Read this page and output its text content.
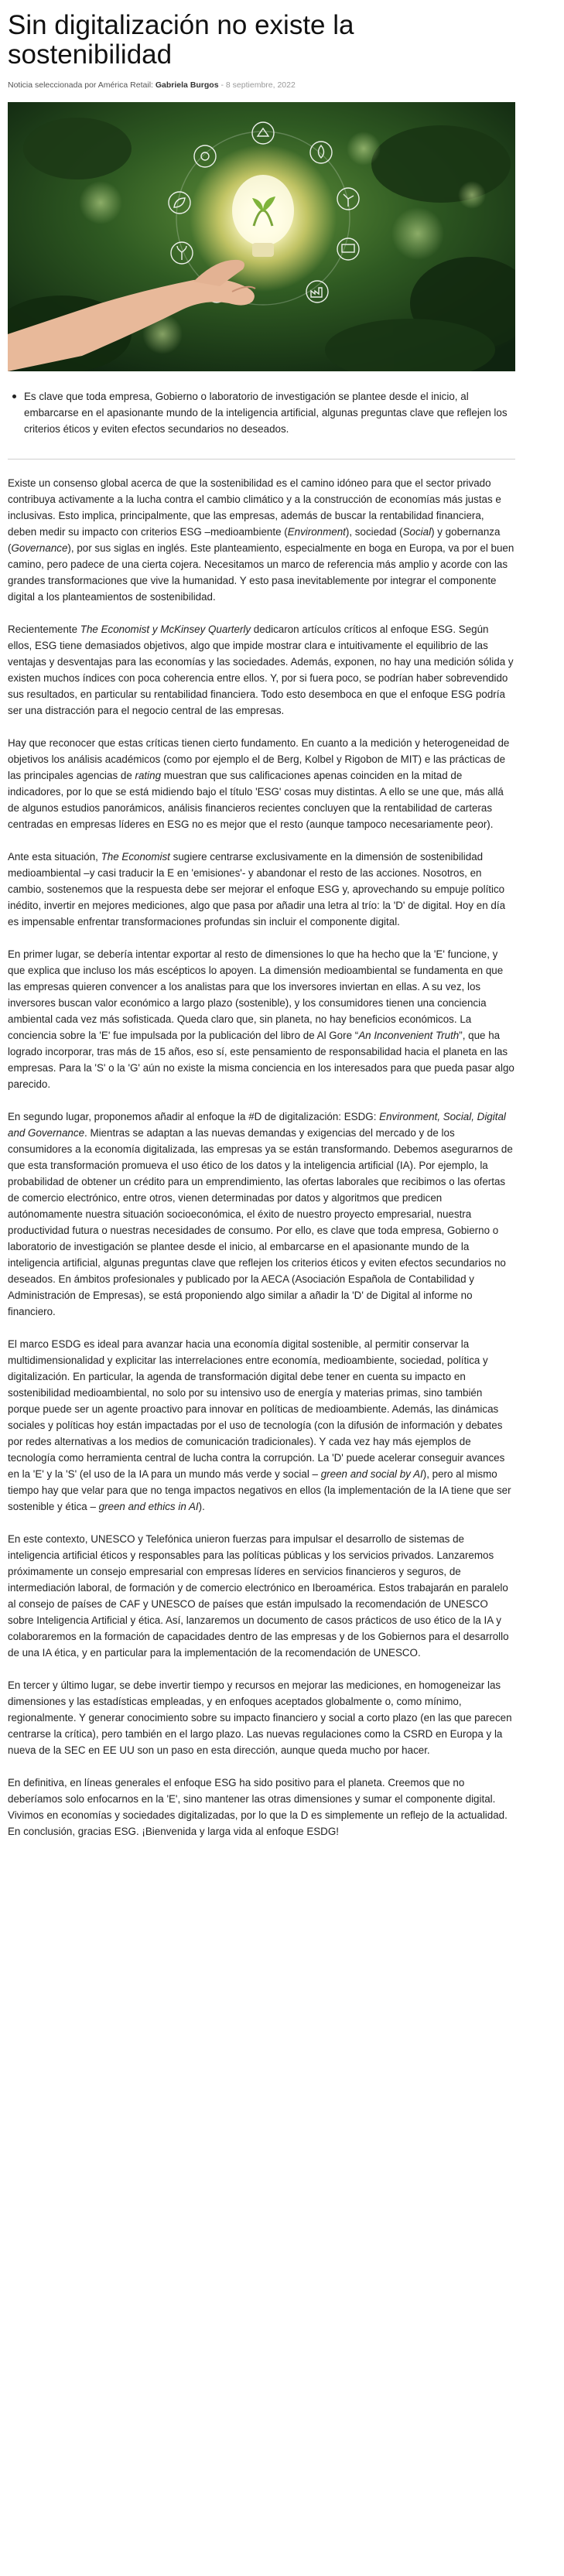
Sin digitalización no existe la sostenibilidad
Noticia seleccionada por América Retail: Gabriela Burgos - 8 septiembre, 2022
Es clave que toda empresa, Gobierno o laboratorio de investigación se plantee desde el inicio, al embarcarse en el apasionante mundo de la inteligencia artificial, algunas preguntas clave que reflejen los criterios éticos y eviten efectos secundarios no deseados.

Existe un consenso global acerca de que la sostenibilidad es el camino idóneo para que el sector privado contribuya activamente a la lucha contra el cambio climático y a la construcción de economías más justas e inclusivas. Esto implica, principalmente, que las empresas, además de buscar la rentabilidad financiera, deben medir su impacto con criterios ESG –medioambiente (Environment), sociedad (Social) y gobernanza (Governance), por sus siglas en inglés. Este planteamiento, especialmente en boga en Europa, va por el buen camino, pero padece de una cierta cojera. Necesitamos un marco de referencia más amplio y acorde con las grandes transformaciones que vive la humanidad. Y esto pasa inevitablemente por integrar el componente digital a los planteamientos de sostenibilidad.

Recientemente The Economist y McKinsey Quarterly dedicaron artículos críticos al enfoque ESG. Según ellos, ESG tiene demasiados objetivos, algo que impide mostrar clara e intuitivamente el equilibrio de las ventajas y desventajas para las economías y las sociedades. Además, exponen, no hay una medición sólida y existen muchos índices con poca coherencia entre ellos. Y, por si fuera poco, se podrían haber sobrevendido sus resultados, en particular su rentabilidad financiera. Todo esto desemboca en que el enfoque ESG podría ser una distracción para el negocio central de las empresas.

Hay que reconocer que estas críticas tienen cierto fundamento. En cuanto a la medición y heterogeneidad de objetivos los análisis académicos (como por ejemplo el de Berg, Kolbel y Rigobon de MIT) e las prácticas de las principales agencias de rating muestran que sus calificaciones apenas coinciden en la mitad de indicadores, por lo que se está midiendo bajo el título 'ESG' cosas muy distintas. A ello se une que, más allá de algunos estudios panorámicos, análisis financieros recientes concluyen que la rentabilidad de carteras centradas en empresas líderes en ESG no es mejor que el resto (aunque tampoco necesariamente peor).

Ante esta situación, The Economist sugiere centrarse exclusivamente en la dimensión de sostenibilidad medioambiental –y casi traducir la E en 'emisiones'- y abandonar el resto de las acciones. Nosotros, en cambio, sostenemos que la respuesta debe ser mejorar el enfoque ESG y, aprovechando su empuje político inédito, invertir en mejores mediciones, algo que pasa por añadir una letra al trío: la 'D' de digital. Hoy en día es impensable enfrentar transformaciones profundas sin incluir el componente digital.

En primer lugar, se debería intentar exportar al resto de dimensiones lo que ha hecho que la 'E' funcione, y que explica que incluso los más escépticos lo apoyen. La dimensión medioambiental se fundamenta en que las empresas quieren convencer a los analistas para que los inversores inviertan en ellas. A su vez, los inversores buscan valor económico a largo plazo (sostenible), y los consumidores tienen una conciencia ambiental cada vez más sofisticada. Queda claro que, sin planeta, no hay beneficios económicos. La conciencia sobre la 'E' fue impulsada por la publicación del libro de Al Gore “An Inconvenient Truth”, que ha logrado incorporar, tras más de 15 años, eso sí, este pensamiento de responsabilidad hacia el planeta en las empresas. Para la 'S' o la 'G' aún no existe la misma conciencia en los interesados para que pueda pasar algo parecido.

En segundo lugar, proponemos añadir al enfoque la #D de digitalización: ESDG: Environment, Social, Digital and Governance. Mientras se adaptan a las nuevas demandas y exigencias del mercado y de los consumidores a la economía digitalizada, las empresas ya se están transformando. Debemos asegurarnos de que esta transformación promueva el uso ético de los datos y la inteligencia artificial (IA). Por ejemplo, la probabilidad de obtener un crédito para un emprendimiento, las ofertas laborales que recibimos o las ofertas de comercio electrónico, entre otros, vienen determinadas por datos y algoritmos que predicen autónomamente nuestra situación socioeconómica, el éxito de nuestro proyecto empresarial, nuestra productividad futura o nuestras necesidades de consumo. Por ello, es clave que toda empresa, Gobierno o laboratorio de investigación se plantee desde el inicio, al embarcarse en el apasionante mundo de la inteligencia artificial, algunas preguntas clave que reflejen los criterios éticos y eviten efectos secundarios no deseados. En ámbitos profesionales y publicado por la AECA (Asociación Española de Contabilidad y Administración de Empresas), se está proponiendo algo similar a añadir la 'D' de Digital al informe no financiero.

El marco ESDG es ideal para avanzar hacia una economía digital sostenible, al permitir conservar la multidimensionalidad y explicitar las interrelaciones entre economía, medioambiente, sociedad, política y digitalización. En particular, la agenda de transformación digital debe tener en cuenta su impacto en sostenibilidad medioambiental, no solo por su intensivo uso de energía y materias primas, sino también porque puede ser un agente proactivo para innovar en políticas de medioambiente. Además, las dinámicas sociales y políticas hoy están impactadas por el uso de tecnología (con la difusión de información y debates por redes alternativas a los medios de comunicación tradicionales). Y cada vez hay más ejemplos de tecnología como herramienta central de lucha contra la corrupción. La 'D' puede acelerar conseguir avances en la 'E' y la 'S' (el uso de la IA para un mundo más verde y social – green and social by AI), pero al mismo tiempo hay que velar para que no tenga impactos negativos en ellos (la implementación de la IA tiene que ser sostenible y ética – green and ethics in AI).

En este contexto, UNESCO y Telefónica unieron fuerzas para impulsar el desarrollo de sistemas de inteligencia artificial éticos y responsables para las políticas públicas y los servicios privados. Lanzaremos próximamente un consejo empresarial con empresas líderes en servicios financieros y seguros, de intermediación laboral, de formación y de comercio electrónico en Iberoamérica. Estos trabajarán en paralelo al consejo de países de CAF y UNESCO de países que están impulsado la recomendación de UNESCO sobre Inteligencia Artificial y ética. Así, lanzaremos un documento de casos prácticos de uso ético de la IA y colaboraremos en la formación de capacidades dentro de las empresas y de los Gobiernos para el desarrollo de una IA ética, y en particular para la implementación de la recomendación de UNESCO.

En tercer y último lugar, se debe invertir tiempo y recursos en mejorar las mediciones, en homogeneizar las dimensiones y las estadísticas empleadas, y en enfoques aceptados globalmente o, como mínimo, regionalmente. Y generar conocimiento sobre su impacto financiero y social a corto plazo (en las que parecen centrarse la crítica), pero también en el largo plazo. Las nuevas regulaciones como la CSRD en Europa y la nueva de la SEC en EE UU son un paso en esta dirección, aunque queda mucho por hacer.

En definitiva, en líneas generales el enfoque ESG ha sido positivo para el planeta. Creemos que no deberíamos solo enfocarnos en la 'E', sino mantener las otras dimensiones y sumar el componente digital. Vivimos en economías y sociedades digitalizadas, por lo que la D es simplemente un reflejo de la actualidad. En conclusión, gracias ESG. ¡Bienvenida y larga vida al enfoque ESDG!
